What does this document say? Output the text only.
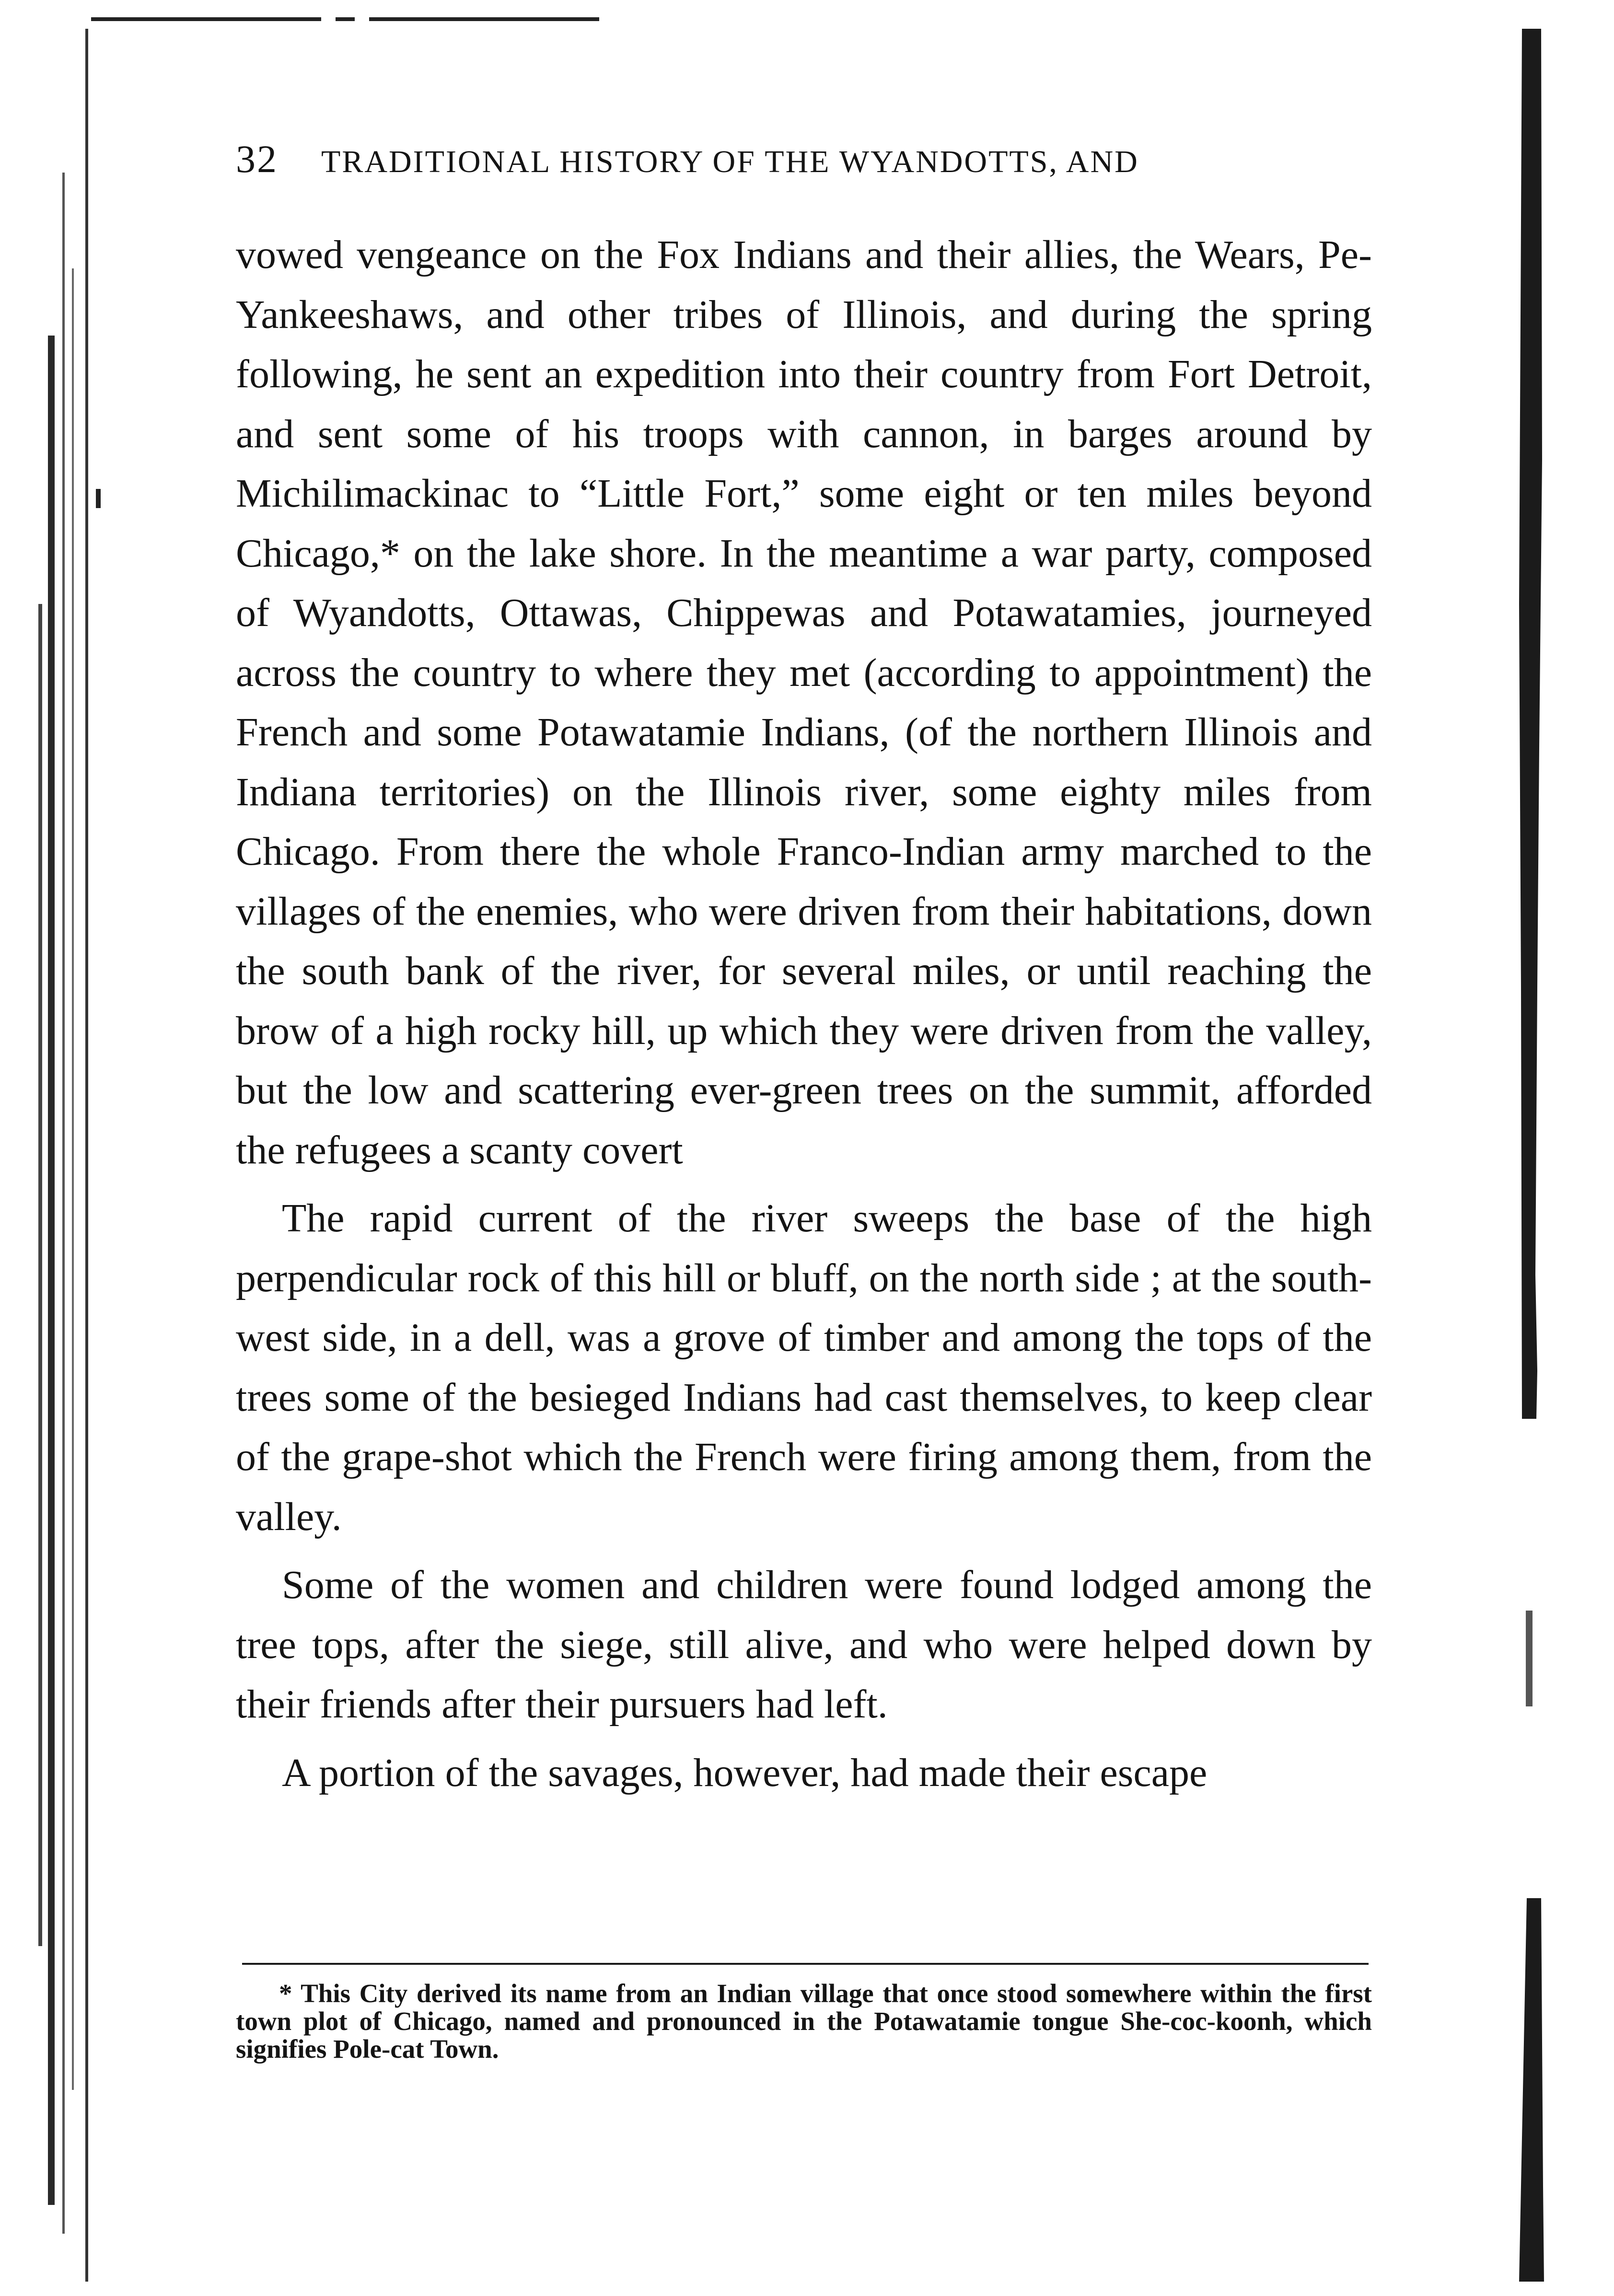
32 TRADITIONAL HISTORY OF THE WYANDOTTS, AND

vowed vengeance on the Fox Indians and their allies, the Wears, Pe-Yankeeshaws, and other tribes of Illinois, and during the spring following, he sent an expedition into their country from Fort Detroit, and sent some of his troops with cannon, in barges around by Michilimackinac to “Little Fort,” some eight or ten miles beyond Chicago,* on the lake shore. In the meantime a war party, composed of Wyandotts, Ottawas, Chippewas and Potawatamies, journeyed across the country to where they met (according to appointment) the French and some Potawatamie Indians, (of the northern Illinois and Indiana territories) on the Illinois river, some eighty miles from Chicago. From there the whole Franco-Indian army marched to the villages of the enemies, who were driven from their habitations, down the south bank of the river, for several miles, or until reaching the brow of a high rocky hill, up which they were driven from the valley, but the low and scattering ever-green trees on the summit, afforded the refugees a scanty covert

The rapid current of the river sweeps the base of the high perpendicular rock of this hill or bluff, on the north side ; at the south-west side, in a dell, was a grove of timber and among the tops of the trees some of the besieged Indians had cast themselves, to keep clear of the grape-shot which the French were firing among them, from the valley.

Some of the women and children were found lodged among the tree tops, after the siege, still alive, and who were helped down by their friends after their pursuers had left.

A portion of the savages, however, had made their escape

* This City derived its name from an Indian village that once stood somewhere within the first town plot of Chicago, named and pronounced in the Potawatamie tongue She-coc-koonh, which signifies Pole-cat Town.
